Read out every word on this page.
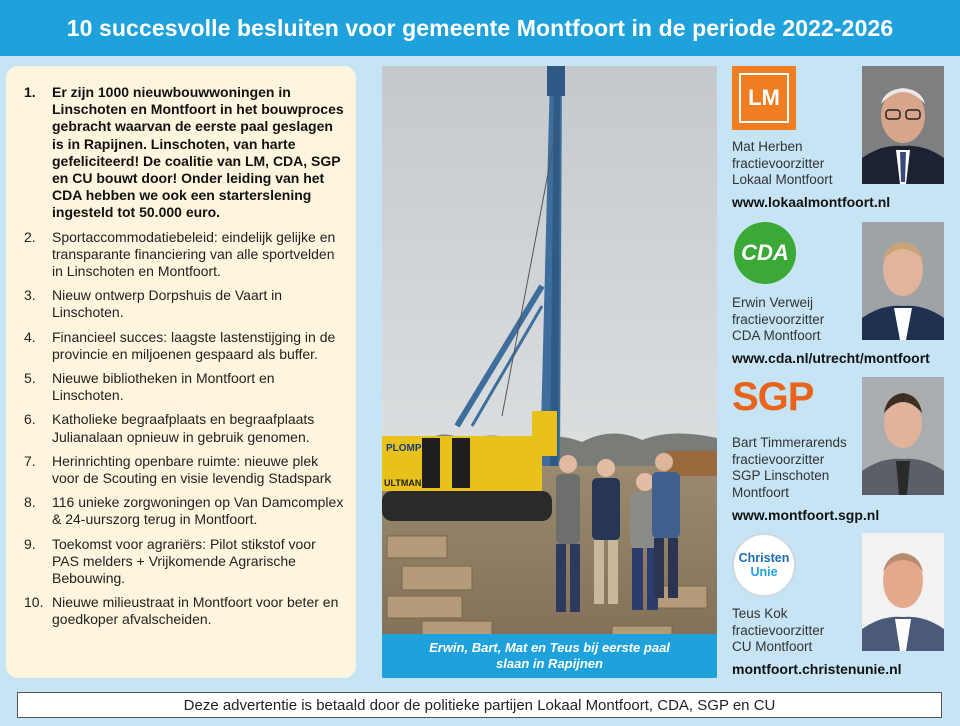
10 succesvolle besluiten voor gemeente Montfoort in de periode 2022-2026
1.	Er zijn 1000 nieuwbouwwoningen in Linschoten en Montfoort in het bouwproces gebracht waarvan de eerste paal geslagen is in Rapijnen. Linschoten, van harte gefeliciteerd! De coalitie van LM, CDA, SGP en CU bouwt door! Onder leiding van het CDA hebben we ook een starterslening ingesteld tot 50.000 euro.
2.	Sportaccommodatiebeleid: eindelijk gelijke en transparante financiering van alle sportvelden in Linschoten en Montfoort.
3.	Nieuw ontwerp Dorpshuis de Vaart in Linschoten.
4.	Financieel succes: laagste lastenstijging in de provincie en miljoenen gespaard als buffer.
5.	Nieuwe bibliotheken in Montfoort en Linschoten.
6.	Katholieke begraafplaats en begraafplaats Julianalaan opnieuw in gebruik genomen.
7.	Herinrichting openbare ruimte: nieuwe plek voor de Scouting en visie levendig Stadspark
8.	116 unieke zorgwoningen op Van Damcomplex & 24-uurszorg terug in Montfoort.
9.	Toekomst voor agrariërs: Pilot stikstof voor PAS melders + Vrijkomende Agrarische Bebouwing.
10. Nieuwe milieustraat in Montfoort voor beter en goedkoper afvalscheiden.
PLOMP
ULTMAN
Erwin, Bart, Mat en Teus bij eerste paal
slaan in Rapijnen
LM
Mat Herben
fractievoorzitter
Lokaal Montfoort
www.lokaalmontfoort.nl
CDA
Erwin Verweij
fractievoorzitter
CDA Montfoort
www.cda.nl/utrecht/montfoort
SGP
Bart Timmerarends
fractievoorzitter
SGP Linschoten
Montfoort
www.montfoort.sgp.nl
Christen
Unie
Teus Kok
fractievoorzitter
CU Montfoort
montfoort.christenunie.nl
Deze advertentie is betaald door de politieke partijen Lokaal Montfoort, CDA, SGP en CU
